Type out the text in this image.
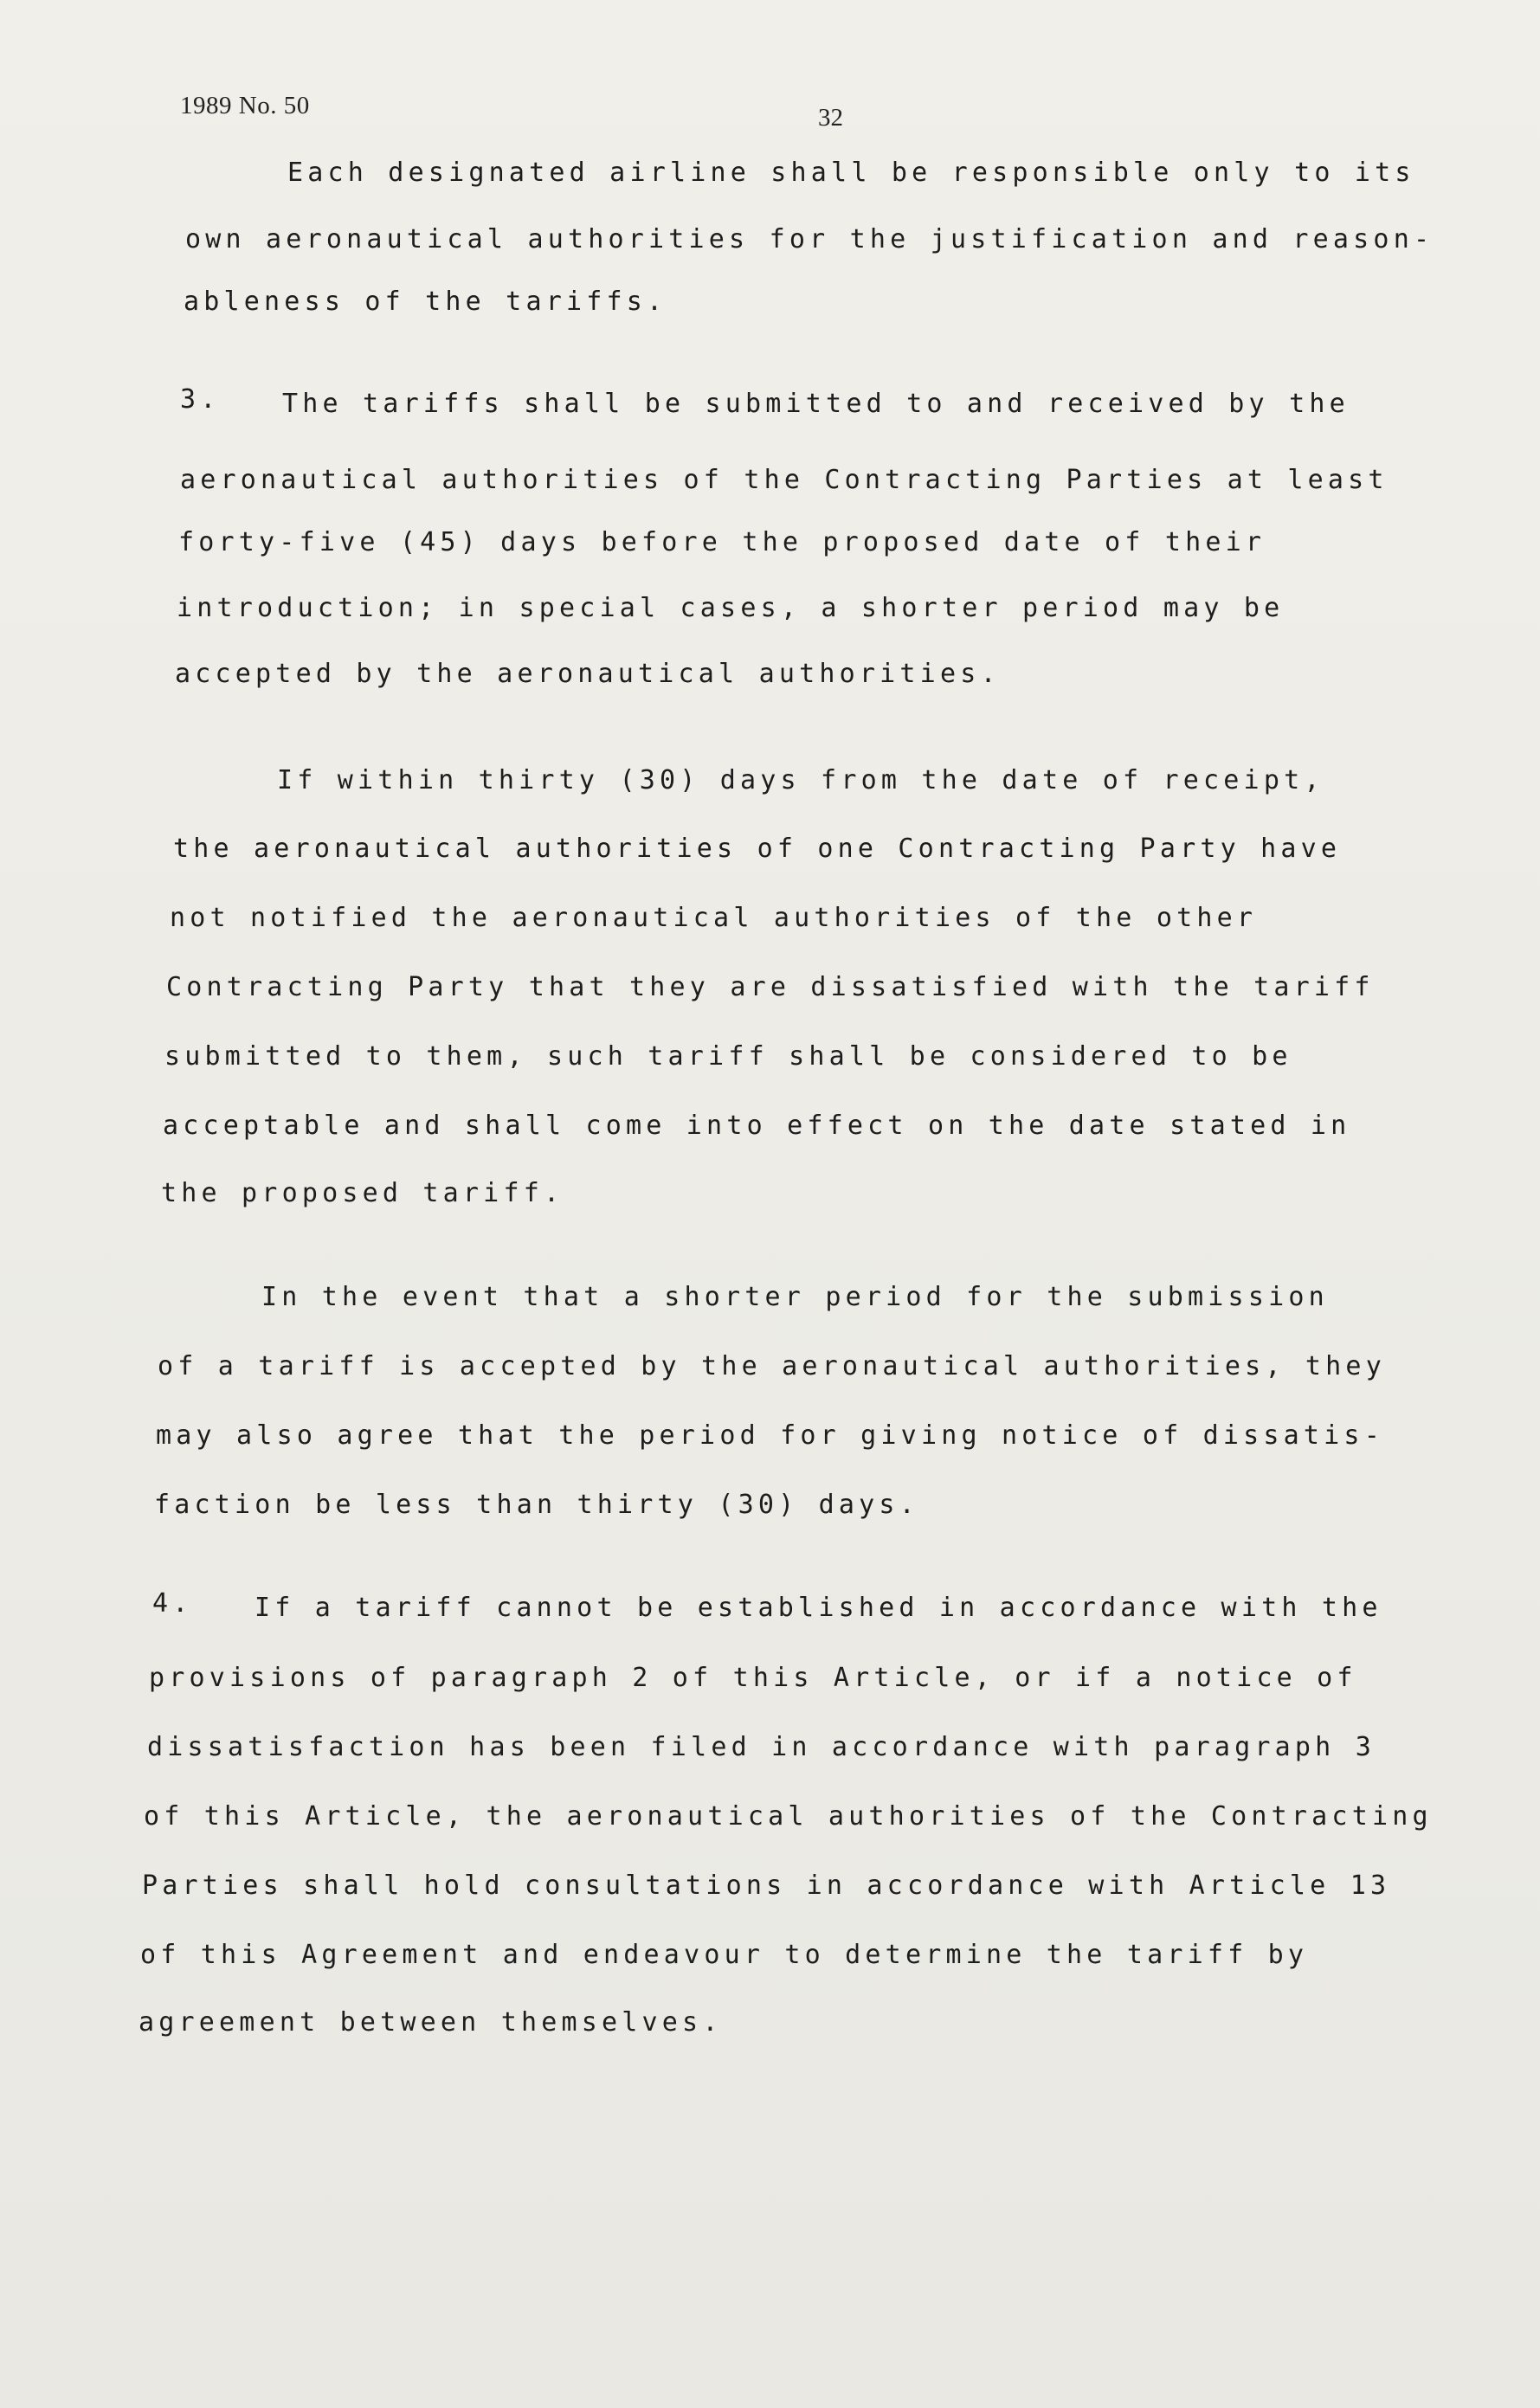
1989 No. 50	32
Each designated airline shall be responsible only to its
own aeronautical authorities for the justification and reason-
ableness of the tariffs.
3. The tariffs shall be submitted to and received by the
aeronautical authorities of the Contracting Parties at least
forty-five (45) days before the proposed date of their
introduction; in special cases, a shorter period may be
accepted by the aeronautical authorities.
If within thirty (30) days from the date of receipt,
the aeronautical authorities of one Contracting Party have
not notified the aeronautical authorities of the other
Contracting Party that they are dissatisfied with the tariff
submitted to them, such tariff shall be considered to be
acceptable and shall come into effect on the date stated in
the proposed tariff.
In the event that a shorter period for the submission
of a tariff is accepted by the aeronautical authorities, they
may also agree that the period for giving notice of dissatis-
faction be less than thirty (30) days.
4. If a tariff cannot be established in accordance with the
provisions of paragraph 2 of this Article, or if a notice of
dissatisfaction has been filed in accordance with paragraph 3
of this Article, the aeronautical authorities of the Contracting
Parties shall hold consultations in accordance with Article 13
of this Agreement and endeavour to determine the tariff by
agreement between themselves.
